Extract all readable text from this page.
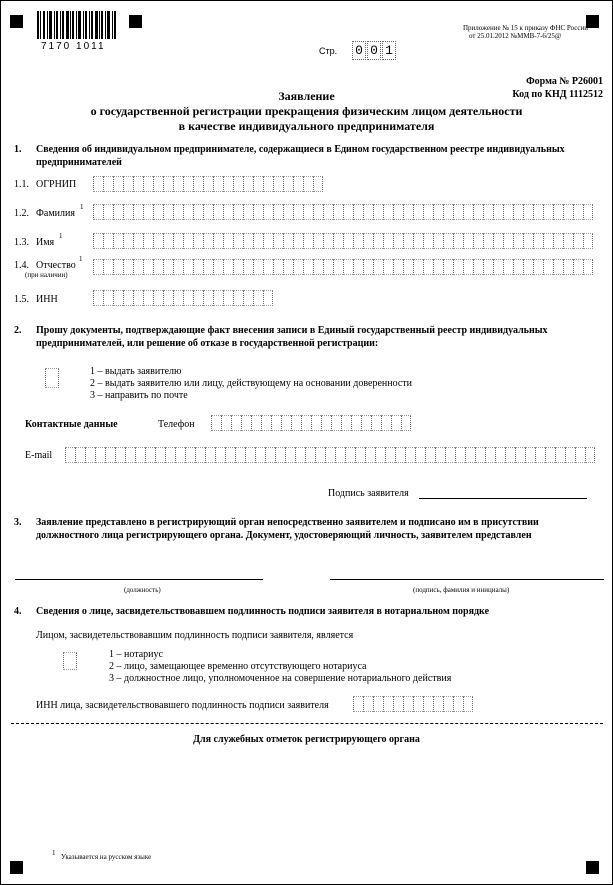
7170 1011
Приложение № 15 к приказу ФНС России
от 25.01.2012 №ММВ-7-6/25@
Стр. 0 0 1
Форма № Р26001
Код по КНД 1112512
Заявление
о государственной регистрации прекращения физическим лицом деятельности
в качестве индивидуального предпринимателя
1. Сведения об индивидуальном предпринимателе, содержащиеся в Едином государственном реестре индивидуальных
предпринимателей
1.1. ОГРНИП
1.2. Фамилия
1
1.3. Имя
1
1.4. Отчество
1
(при наличии)
1.5. ИНН
2. Прошу документы, подтверждающие факт внесения записи в Единый государственный реестр индивидуальных
предпринимателей, или решение об отказе в государственной регистрации:
1 – выдать заявителю
2 – выдать заявителю или лицу, действующему на основании доверенности
3 – направить по почте
Контактные данные	Телефон
E-mail
Подпись заявителя
3. Заявление представлено в регистрирующий орган непосредственно заявителем и подписано им в присутствии
должностного лица регистрирующего органа. Документ, удостоверяющий личность, заявителем представлен
(должность)	(подпись, фамилия и инициалы)
4. Сведения о лице, засвидетельствовавшем подлинность подписи заявителя в нотариальном порядке
Лицом, засвидетельствовавшим подлинность подписи заявителя, является
1 – нотариус
2 – лицо, замещающее временно отсутствующего нотариуса
3 – должностное лицо, уполномоченное на совершение нотариального действия
ИНН лица, засвидетельствовавшего подлинность подписи заявителя
Для служебных отметок регистрирующего органа
1 Указывается на русском языке
